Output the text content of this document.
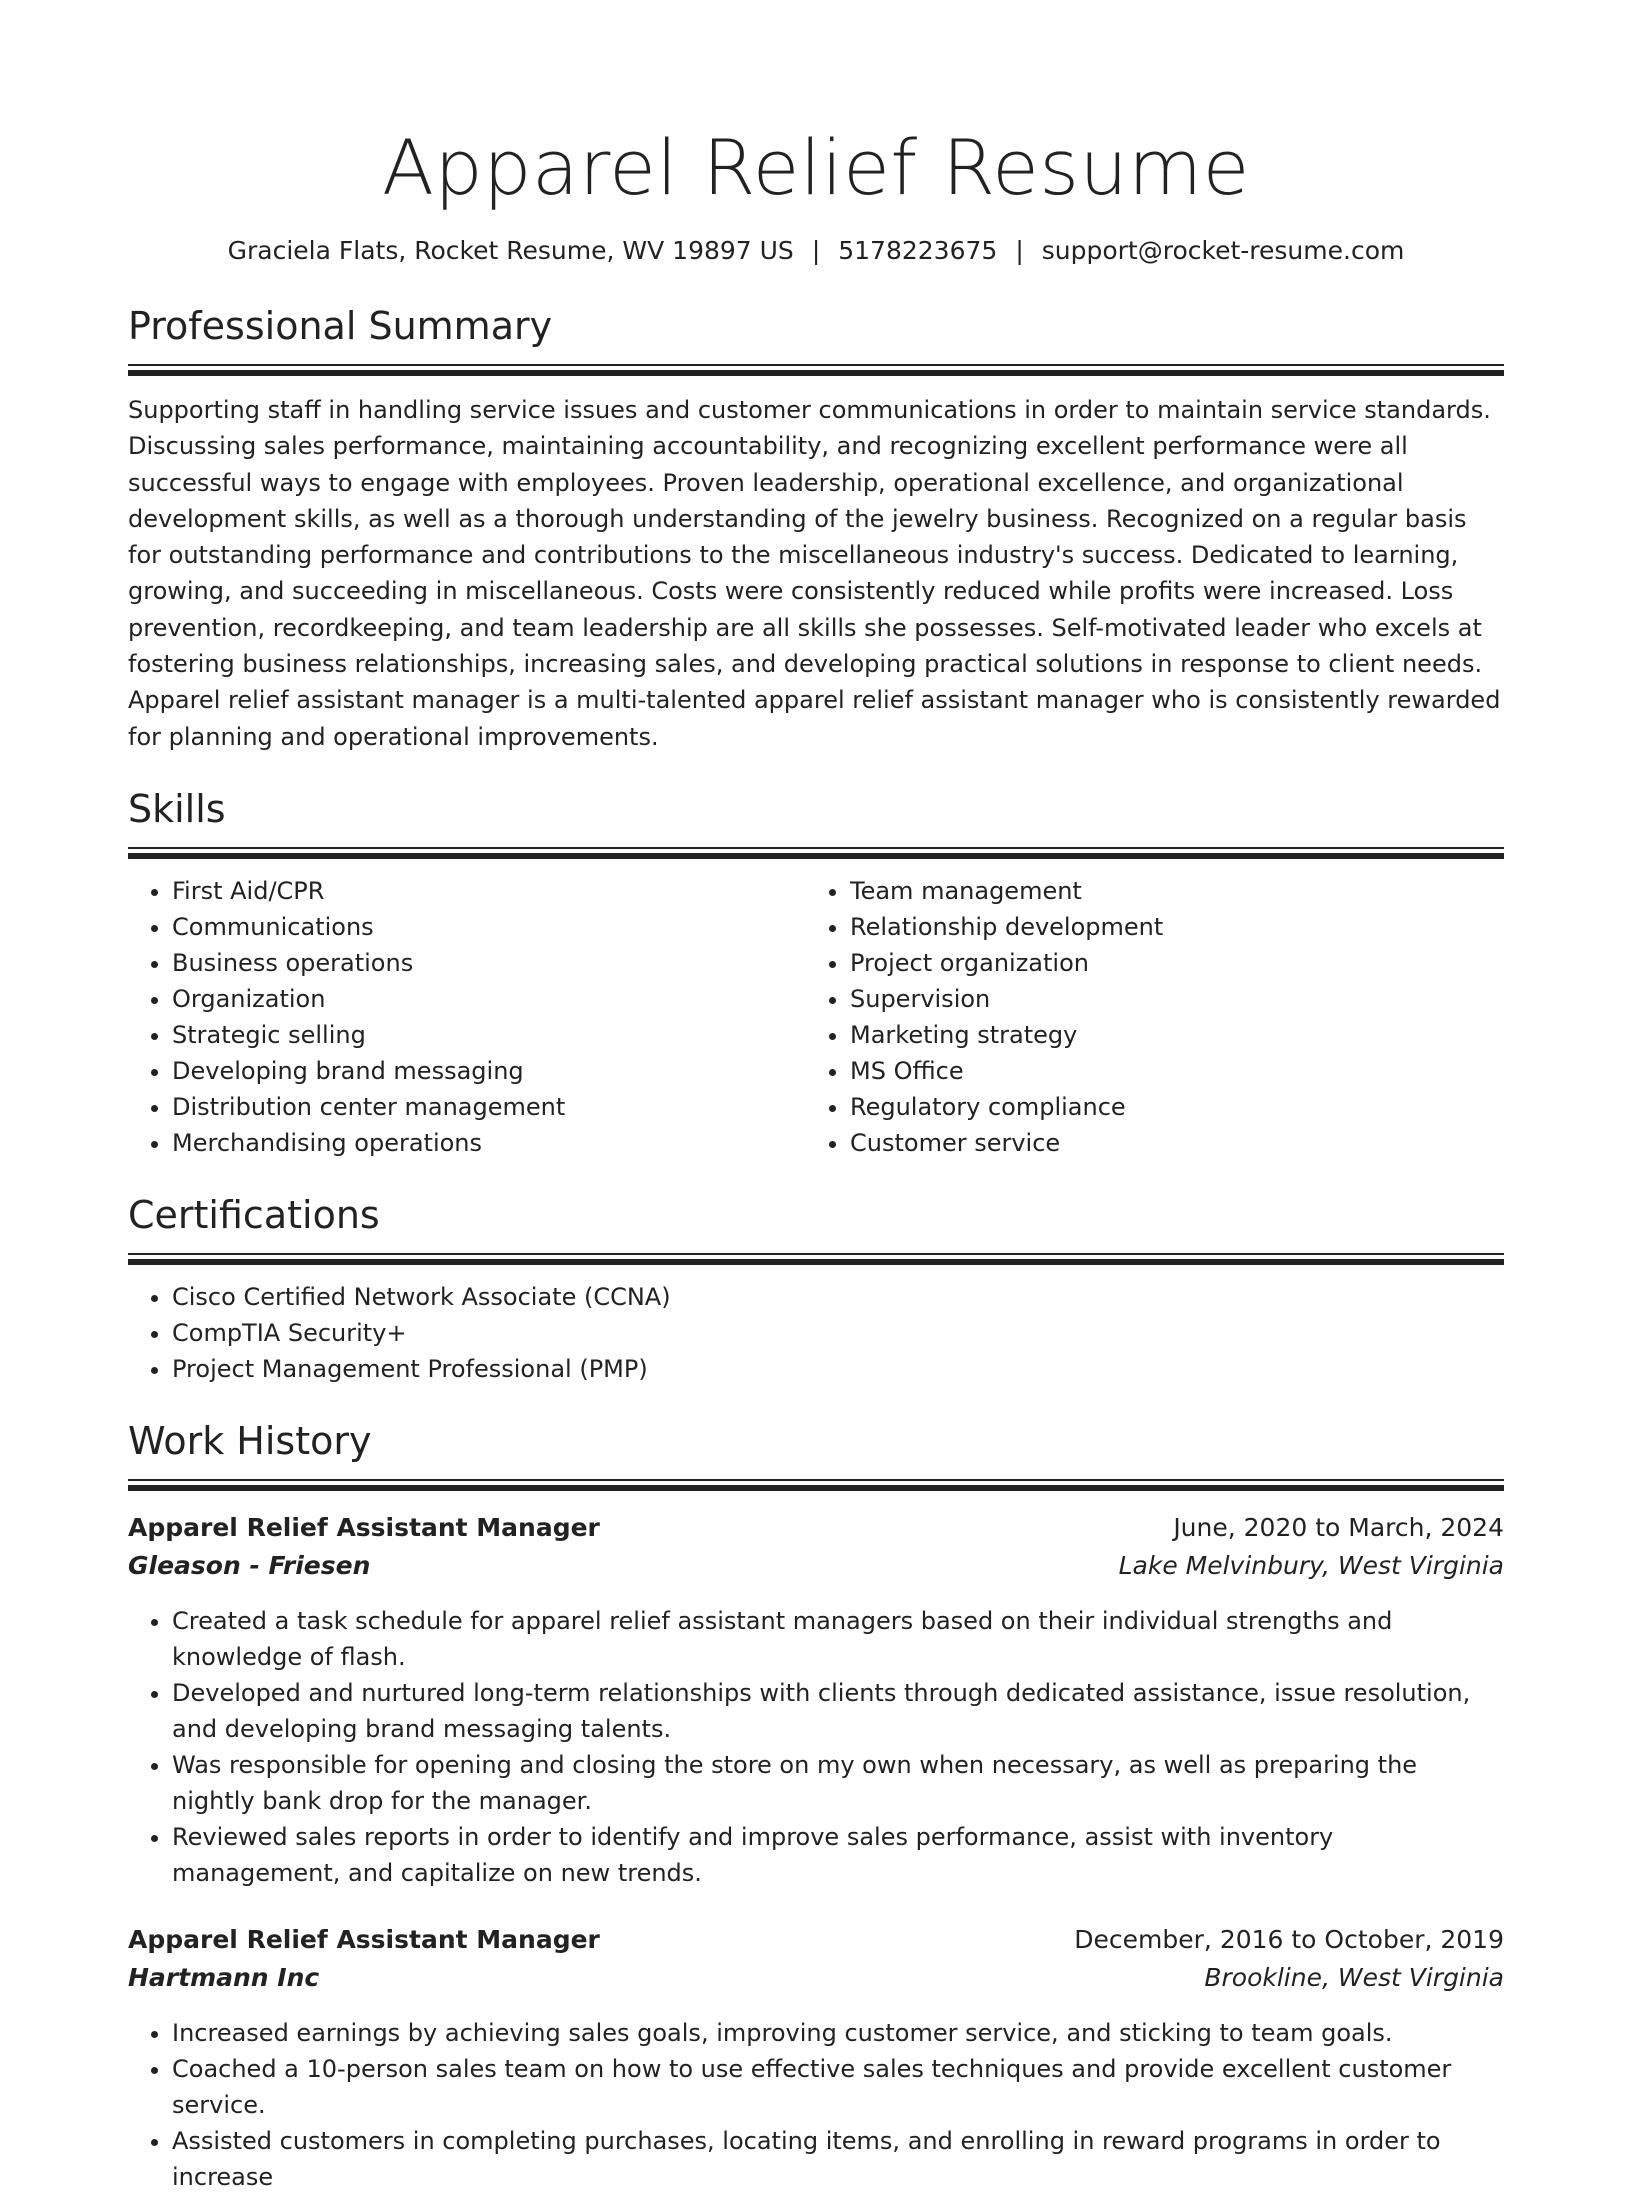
Apparel Relief Resume
Graciela Flats, Rocket Resume, WV 19897 US | 5178223675 | support@rocket-resume.com
Professional Summary

Supporting staff in handling service issues and customer communications in order to maintain service standards. Discussing sales performance, maintaining accountability, and recognizing excellent performance were all successful ways to engage with employees. Proven leadership, operational excellence, and organizational development skills, as well as a thorough understanding of the jewelry business. Recognized on a regular basis for outstanding performance and contributions to the miscellaneous industry's success. Dedicated to learning, growing, and succeeding in miscellaneous. Costs were consistently reduced while profits were increased. Loss prevention, recordkeeping, and team leadership are all skills she possesses. Self-motivated leader who excels at fostering business relationships, increasing sales, and developing practical solutions in response to client needs. Apparel relief assistant manager is a multi-talented apparel relief assistant manager who is consistently rewarded for planning and operational improvements.

Skills
• First Aid/CPR
• Communications
• Business operations
• Organization
• Strategic selling
• Developing brand messaging
• Distribution center management
• Merchandising operations
• Team management
• Relationship development
• Project organization
• Supervision
• Marketing strategy
• MS Office
• Regulatory compliance
• Customer service
Certifications
• Cisco Certified Network Associate (CCNA)
• CompTIA Security+
• Project Management Professional (PMP)
Work History
Apparel Relief Assistant Manager	June, 2020 to March, 2024
Gleason - Friesen	Lake Melvinbury, West Virginia
• Created a task schedule for apparel relief assistant managers based on their individual strengths and knowledge of flash.
• Developed and nurtured long-term relationships with clients through dedicated assistance, issue resolution, and developing brand messaging talents.
• Was responsible for opening and closing the store on my own when necessary, as well as preparing the nightly bank drop for the manager.
• Reviewed sales reports in order to identify and improve sales performance, assist with inventory management, and capitalize on new trends.
Apparel Relief Assistant Manager	December, 2016 to October, 2019
Hartmann Inc	Brookline, West Virginia
• Increased earnings by achieving sales goals, improving customer service, and sticking to team goals.
• Coached a 10-person sales team on how to use effective sales techniques and provide excellent customer service.
• Assisted customers in completing purchases, locating items, and enrolling in reward programs in order to increase
